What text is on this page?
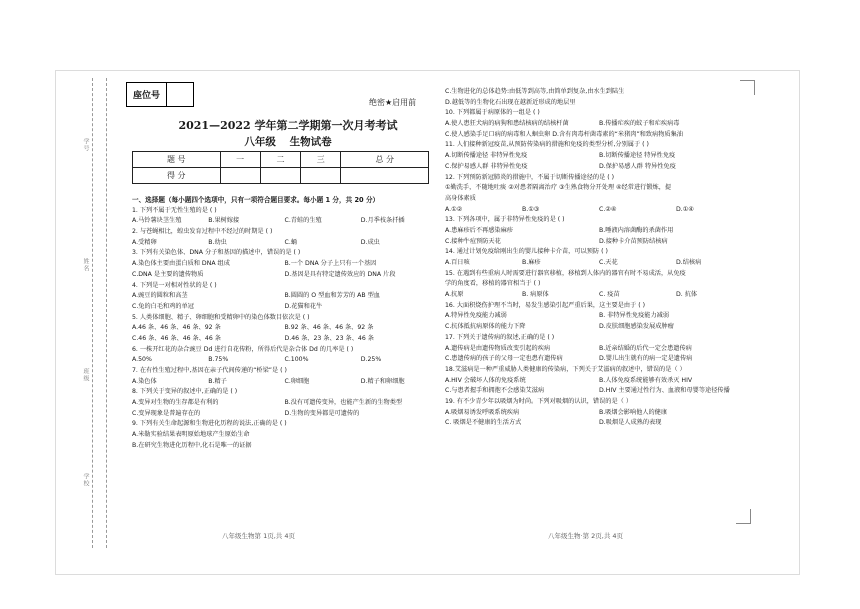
学号
姓名
班级
学校
座位号
绝密★启用前
2021—2022 学年第二学期第一次月考考试
八年级 生物试卷
题 号	一	二	三	总 分
得 分				
一、选择题（每小题四个选项中，只有一项符合题目要求。每小题 1 分，共 20 分）
1. 下列不属于无性生殖的是 ( )
A.马铃薯块茎生殖	B.果树嫁接	C.青蛙的生殖	D.月季枝条扦插
2. 与苍蝇相比，蝗虫发育过程中不经过的时期是 ( )
A.受精卵	B.幼虫	C.蛹	D.成虫
3. 下列有关染色体、DNA 分子和基因的描述中，错误的是 ( )
A.染色体主要由蛋白质和 DNA 组成	B.一个 DNA 分子上只有一个基因
C.DNA 是主要的遗传物质	D.基因是具有特定遗传效应的 DNA 片段
4. 下列是一对相对性状的是 ( )
A.豌豆的圆粒和高茎	B.圆圆的 O 型血和芳芳的 AB 型血
C.兔的白毛和鸡的单冠	D.花猫和花牛
5. 人类体细胞、精子、卵细胞和受精卵中的染色体数目依次是 ( )
A.46 条、46 条、46 条、92 条	B.92 条、46 条、46 条、92 条
C.46 条、46 条、46 条、46 条	D.46 条、23 条、23 条、46 条
6. 一株开红花的杂合豌豆 Dd 进行自花传粉，所得后代是杂合体 Dd 的几率是 ( )
A.50%	B.75%	C.100%	D.25%
7. 在有性生殖过程中,基因在亲子代间传递的“桥梁”是 ( )
A.染色体	B.精子	C.卵细胞	D.精子和卵细胞
8. 下列关于变异的叙述中,正确的是 ( )
A.变异对生物的生存都是有利的	B.没有可遗传变异，也能产生新的生物类型
C.变异现象是普遍存在的	D.生物的变异都是可遗传的
9. 下列有关生命起源和生物进化历程的说法,正确的是 ( )
A.米勒实验结果表明原始地球产生原始生命
B.在研究生物进化历程中,化石是唯一的证据
C.生物进化的总体趋势:由低等到高等,由简单到复杂,由水生到陆生
D.越低等的生物化石出现在越新近形成的地层里
10. 下列都属于病原体的一组是 ( )
A.使人患狂犬病的病狗和患结核病的结核杆菌	B.传播疟疾的蚊子和疟疾病毒
C.使人感染手足口病的病毒和人蛔虫卵 D.含有肉毒杆菌毒素的“米猪肉”和致病物质集油
11. 人们接种新冠疫苗,从预防传染病的措施和免疫的类型分析,分别属于 ( )
A.切断传播途径 非特异性免疫	B.切断传播途径 特异性免疫
C.保护易感人群 非特异性免疫	D.保护易感人群 特异性免疫
12. 下列预防新冠肺炎的措施中，不属于切断传播途径的是 ( )
①勤洗手，不随地吐痰 ②对患者隔离治疗 ③生熟食物分开处理 ④经常进行锻炼，提
高身体素质
A.①②	B.①③	C.②④	D.①④
13. 下列各项中，属于非特异性免疫的是 ( )
A.患麻疹后不再感染麻疹	B.唾液内溶菌酶的杀菌作用
C.接种牛痘预防天花	D.接种卡介苗预防结核病
14. 通过计划免疫给刚出生的婴儿接种卡介苗，可以预防 ( )
A.百日咳	B.麻疹	C.天花	D.结核病
15. 在遇到有些重病人时需要进行器官移植，移植到人体内的器官有时不易成活，从免疫
学的角度看，移植的器官相当于 ( )
A.抗原	B. 病原体	C. 疫苗	D. 抗体
16. 大面积烧伤护理不当时，易发生感染引起严重后果，这主要是由于 ( )
A.特异性免疫能力减弱	B. 非特异性免疫能力减弱
C.抗体抵抗病原体的能力下降	D.皮肤细胞感染发展成肿瘤
17. 下列关于遗传病的叙述,正确的是 ( )
A.遗传病是由遗传物质改变引起的疾病	B.近亲结婚的后代一定会患遗传病
C.患遗传病的孩子的父母一定也患有遗传病	D.婴儿出生就有的病一定是遗传病
18.艾滋病是一种严重威胁人类健康的传染病，下列关于艾滋病的叙述中，错误的是（ ）
A.HIV 会破坏人体的免疫系统	B.人体免疫系统能够有效杀灭 HIV
C.与患者握手和拥抱不会感染艾滋病	D.HIV 主要通过性行为、血液和母婴等途径传播
19. 有不少青少年以吸烟为时尚。下列对吸烟的认识，错误的是（ ）
A.吸烟易诱发呼吸系统疾病	B.吸烟会影响他人的健康
C. 吸烟是不健康的生活方式	D.吸烟是人成熟的表现
八年级生物第 1页,共 4页	八年级生物·第 2页,共 4页
